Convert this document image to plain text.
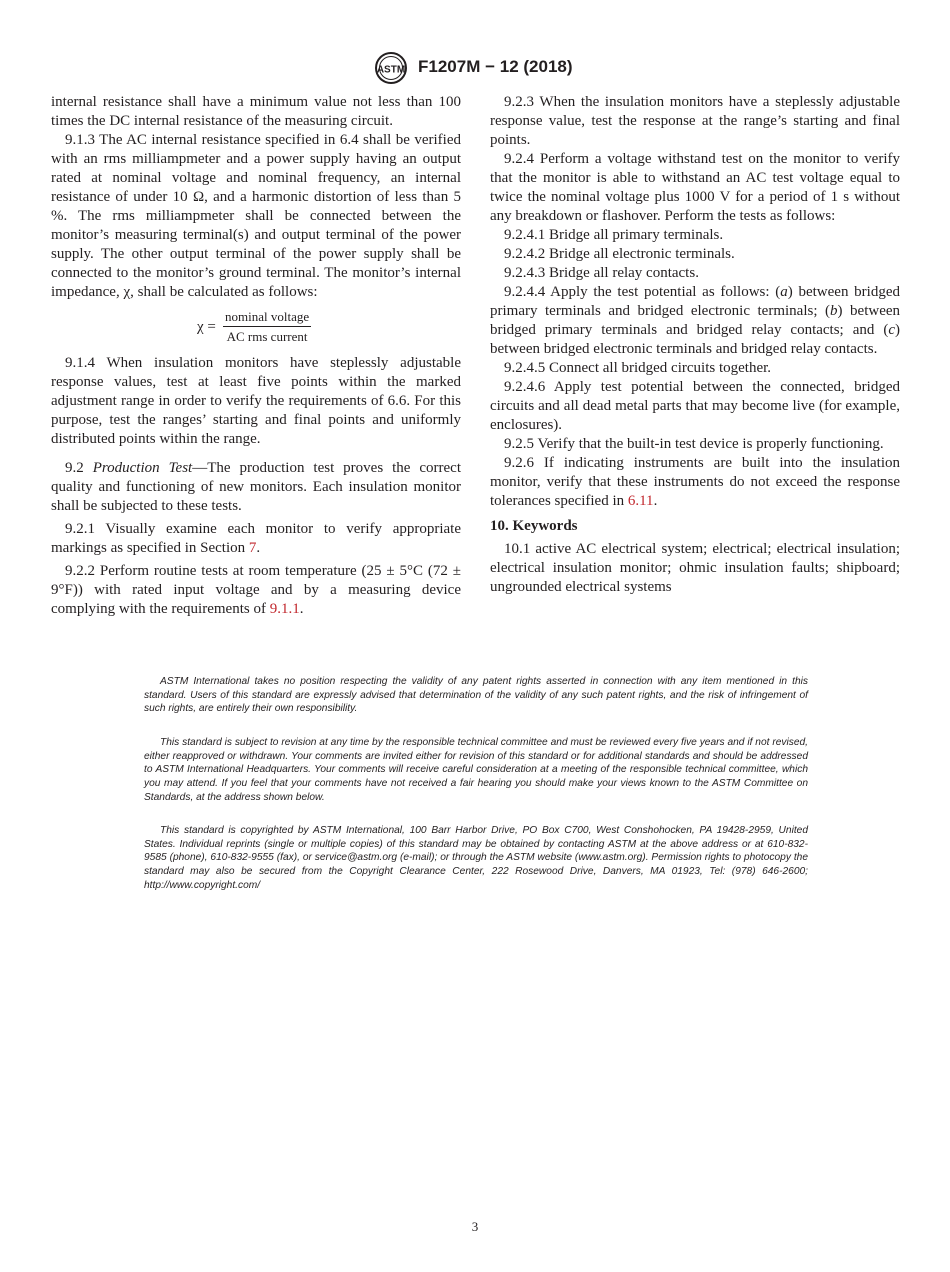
ASTM F1207M − 12 (2018)

internal resistance shall have a minimum value not less than 100 times the DC internal resistance of the measuring circuit.

9.1.3 The AC internal resistance specified in 6.4 shall be verified with an rms milliampmeter and a power supply having an output rated at nominal voltage and nominal frequency, an internal resistance of under 10 Ω, and a harmonic distortion of less than 5 %. The rms milliampmeter shall be connected between the monitor’s measuring terminal(s) and output terminal of the power supply. The other output terminal of the power supply shall be connected to the monitor’s ground terminal. The monitor’s internal impedance, χ, shall be calculated as follows:

χ =
nominal voltage
AC rms current

9.1.4 When insulation monitors have steplessly adjustable response values, test at least five points within the marked adjustment range in order to verify the requirements of 6.6. For this purpose, test the ranges’ starting and final points and uniformly distributed points within the range.

9.2 Production Test—The production test proves the correct quality and functioning of new monitors. Each insulation monitor shall be subjected to these tests.

9.2.1 Visually examine each monitor to verify appropriate markings as specified in Section 7.

9.2.2 Perform routine tests at room temperature (25 ± 5°C (72 ± 9°F)) with rated input voltage and by a measuring device complying with the requirements of 9.1.1.

9.2.3 When the insulation monitors have a steplessly adjustable response value, test the response at the range’s starting and final points.

9.2.4 Perform a voltage withstand test on the monitor to verify that the monitor is able to withstand an AC test voltage equal to twice the nominal voltage plus 1000 V for a period of 1 s without any breakdown or flashover. Perform the tests as follows:

9.2.4.1 Bridge all primary terminals.

9.2.4.2 Bridge all electronic terminals.

9.2.4.3 Bridge all relay contacts.

9.2.4.4 Apply the test potential as follows: (a) between bridged primary terminals and bridged electronic terminals; (b) between bridged primary terminals and bridged relay contacts; and (c) between bridged electronic terminals and bridged relay contacts.

9.2.4.5 Connect all bridged circuits together.

9.2.4.6 Apply test potential between the connected, bridged circuits and all dead metal parts that may become live (for example, enclosures).

9.2.5 Verify that the built-in test device is properly functioning.

9.2.6 If indicating instruments are built into the insulation monitor, verify that these instruments do not exceed the response tolerances specified in 6.11.

10. Keywords

10.1 active AC electrical system; electrical; electrical insulation; electrical insulation monitor; ohmic insulation faults; shipboard; ungrounded electrical systems

ASTM International takes no position respecting the validity of any patent rights asserted in connection with any item mentioned in this standard. Users of this standard are expressly advised that determination of the validity of any such patent rights, and the risk of infringement of such rights, are entirely their own responsibility.

This standard is subject to revision at any time by the responsible technical committee and must be reviewed every five years and if not revised, either reapproved or withdrawn. Your comments are invited either for revision of this standard or for additional standards and should be addressed to ASTM International Headquarters. Your comments will receive careful consideration at a meeting of the responsible technical committee, which you may attend. If you feel that your comments have not received a fair hearing you should make your views known to the ASTM Committee on Standards, at the address shown below.

This standard is copyrighted by ASTM International, 100 Barr Harbor Drive, PO Box C700, West Conshohocken, PA 19428-2959, United States. Individual reprints (single or multiple copies) of this standard may be obtained by contacting ASTM at the above address or at 610-832-9585 (phone), 610-832-9555 (fax), or service@astm.org (e-mail); or through the ASTM website (www.astm.org). Permission rights to photocopy the standard may also be secured from the Copyright Clearance Center, 222 Rosewood Drive, Danvers, MA 01923, Tel: (978) 646-2600; http://www.copyright.com/

3
